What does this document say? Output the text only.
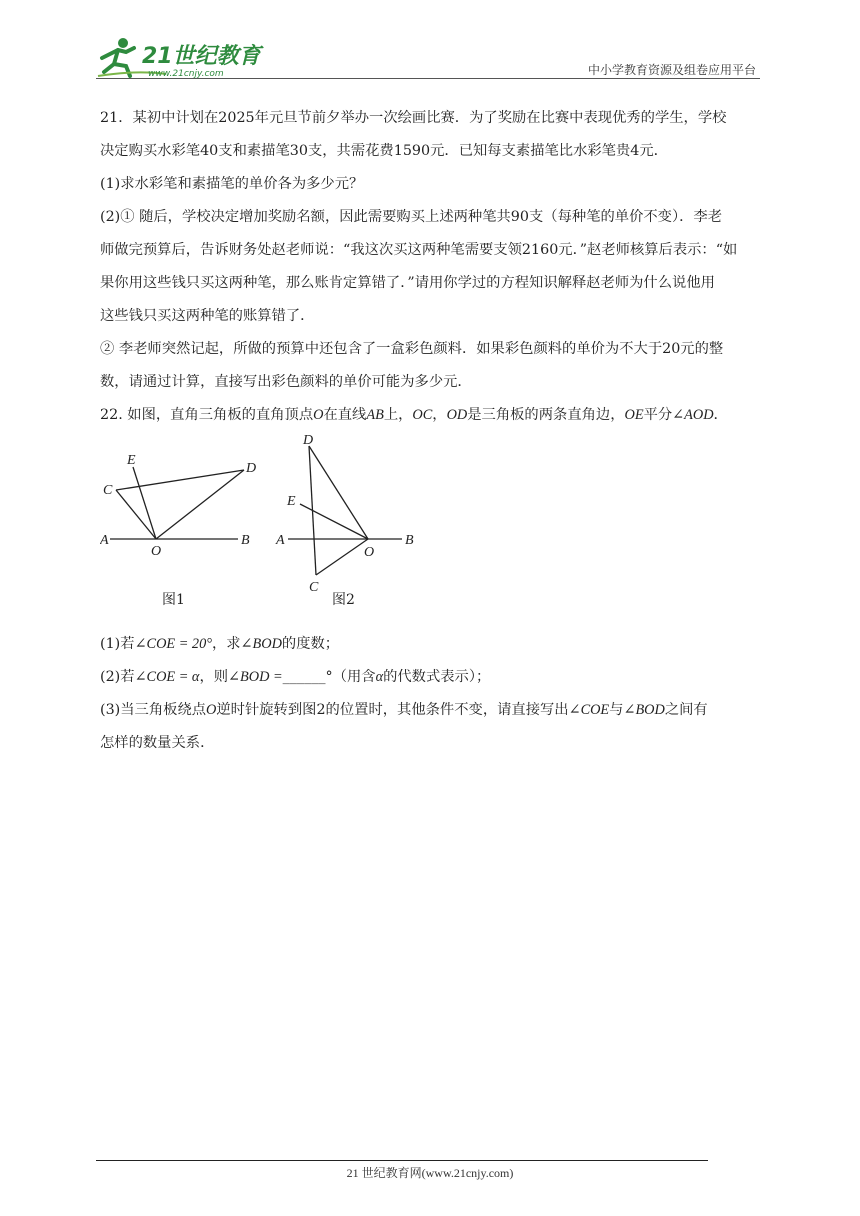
21世纪教育
www.21cnjy.com	中小学教育资源及组卷应用平台

21．某初中计划在2025年元旦节前夕举办一次绘画比赛．为了奖励在比赛中表现优秀的学生，学校

决定购买水彩笔40支和素描笔30支，共需花费1590元．已知每支素描笔比水彩笔贵4元．

(1)求水彩笔和素描笔的单价各为多少元？

(2)① 随后，学校决定增加奖励名额，因此需要购买上述两种笔共90支（每种笔的单价不变）．李老

师做完预算后，告诉财务处赵老师说：“我这次买这两种笔需要支领2160元．”赵老师核算后表示：“如

果你用这些钱只买这两种笔，那么账肯定算错了．”请用你学过的方程知识解释赵老师为什么说他用

这些钱只买这两种笔的账算错了．

② 李老师突然记起，所做的预算中还包含了一盒彩色颜料．如果彩色颜料的单价为不大于20元的整

数，请通过计算，直接写出彩色颜料的单价可能为多少元．

22. 如图，直角三角板的直角顶点O在直线AB上，OC，OD是三角板的两条直角边，OE平分∠AOD．

A	B
O
C
D
E
图1
A	B
O
D
E
C
图2

(1)若∠COE = 20°，求∠BOD的度数；

(2)若∠COE = α，则∠BOD =______°（用含α的代数式表示）；

(3)当三角板绕点O逆时针旋转到图2的位置时，其他条件不变，请直接写出∠COE与∠BOD之间有

怎样的数量关系．

21 世纪教育网(www.21cnjy.com)
